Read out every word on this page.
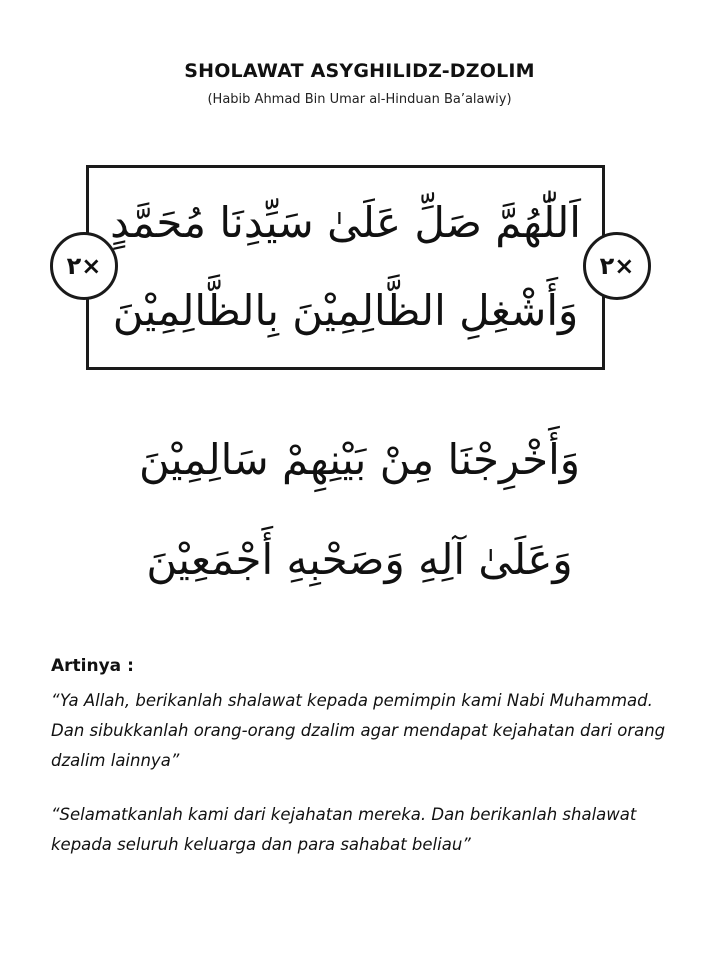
SHOLAWAT ASYGHILIDZ-DZOLIM
(Habib Ahmad Bin Umar al-Hinduan Ba’alawiy)
اَللّٰهُمَّ صَلِّ عَلَىٰ سَيِّدِنَا مُحَمَّدٍ
وَأَشْغِلِ الظَّالِمِيْنَ بِالظَّالِمِيْنَ
٢×	٢×
وَأَخْرِجْنَا مِنْ بَيْنِهِمْ سَالِمِيْنَ
وَعَلَىٰ آلِهِ وَصَحْبِهِ أَجْمَعِيْنَ
Artinya :
“Ya Allah, berikanlah shalawat kepada pemimpin kami Nabi Muhammad. Dan sibukkanlah orang-orang dzalim agar mendapat kejahatan dari orang dzalim lainnya”
“Selamatkanlah kami dari kejahatan mereka. Dan berikanlah shalawat kepada seluruh keluarga dan para sahabat beliau”
